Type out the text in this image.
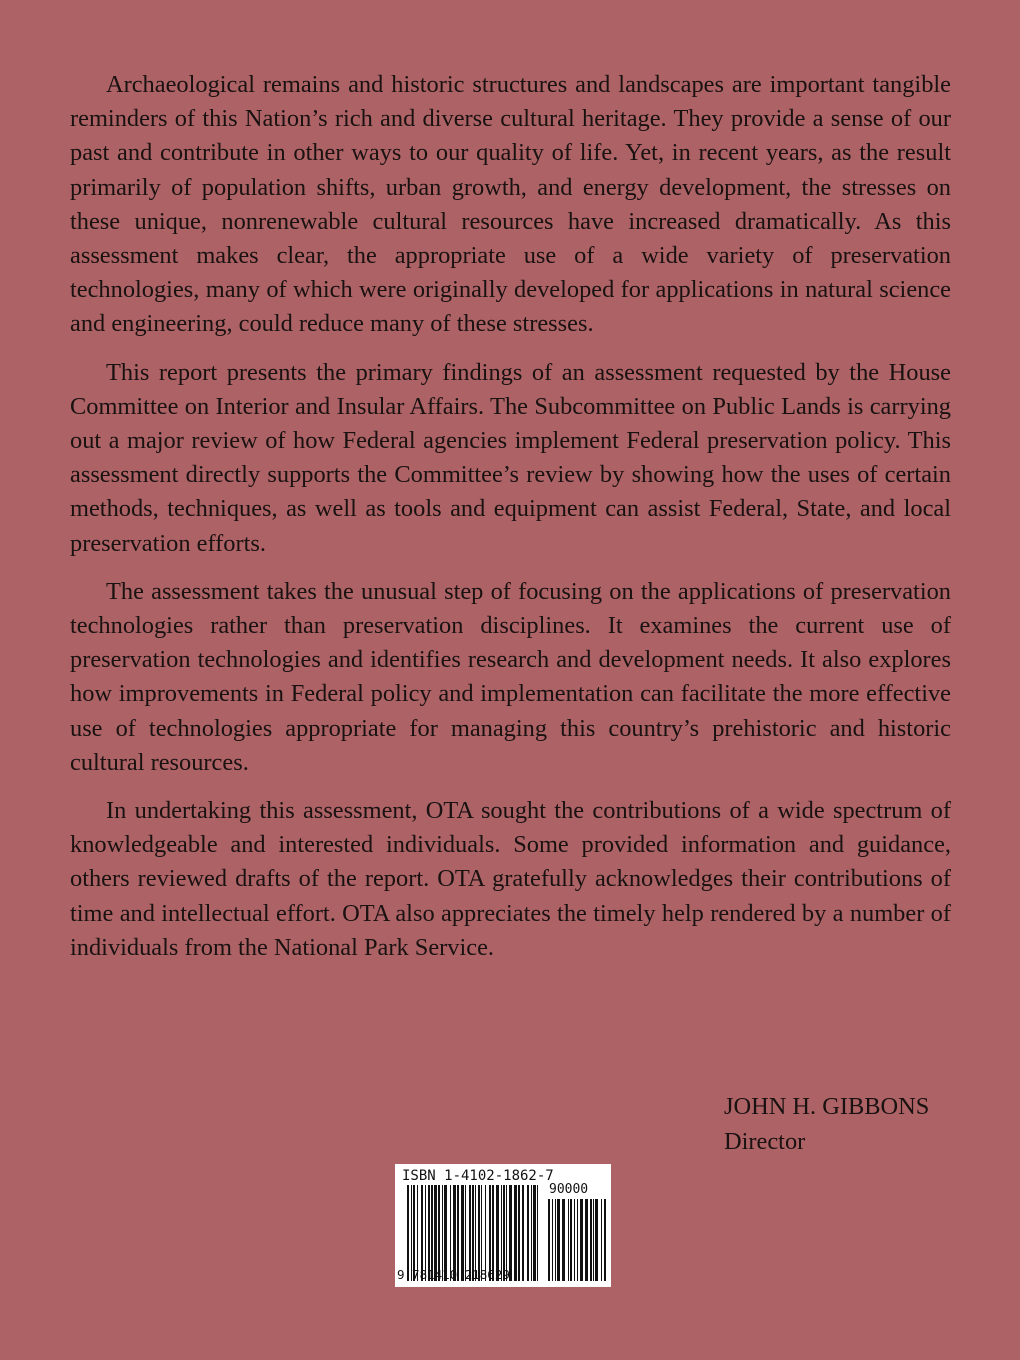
Archaeological remains and historic structures and landscapes are important tangible reminders of this Nation’s rich and diverse cultural heritage. They provide a sense of our past and contribute in other ways to our quality of life. Yet, in recent years, as the result primarily of population shifts, urban growth, and energy development, the stresses on these unique, nonrenewable cultural resources have increased dramatically. As this assessment makes clear, the appropriate use of a wide variety of preservation technologies, many of which were originally developed for applications in natural science and engineering, could reduce many of these stresses.

This report presents the primary findings of an assessment requested by the House Committee on Interior and Insular Affairs. The Subcommittee on Public Lands is carrying out a major review of how Federal agencies implement Federal preservation policy. This assessment directly supports the Committee’s review by showing how the uses of certain methods, techniques, as well as tools and equipment can assist Federal, State, and local preservation efforts.

The assessment takes the unusual step of focusing on the applications of preservation technologies rather than preservation disciplines. It examines the current use of preservation technologies and identifies research and development needs. It also explores how improvements in Federal policy and implementation can facilitate the more effective use of technologies appropriate for managing this country’s prehistoric and historic cultural resources.

In undertaking this assessment, OTA sought the contributions of a wide spectrum of knowledgeable and interested individuals. Some provided information and guidance, others reviewed drafts of the report. OTA gratefully acknowledges their contributions of time and intellectual effort. OTA also appreciates the timely help rendered by a number of individuals from the National Park Service.

JOHN H. GIBBONS
Director
ISBN 1-4102-1862-7
90000
9 781410 218629
